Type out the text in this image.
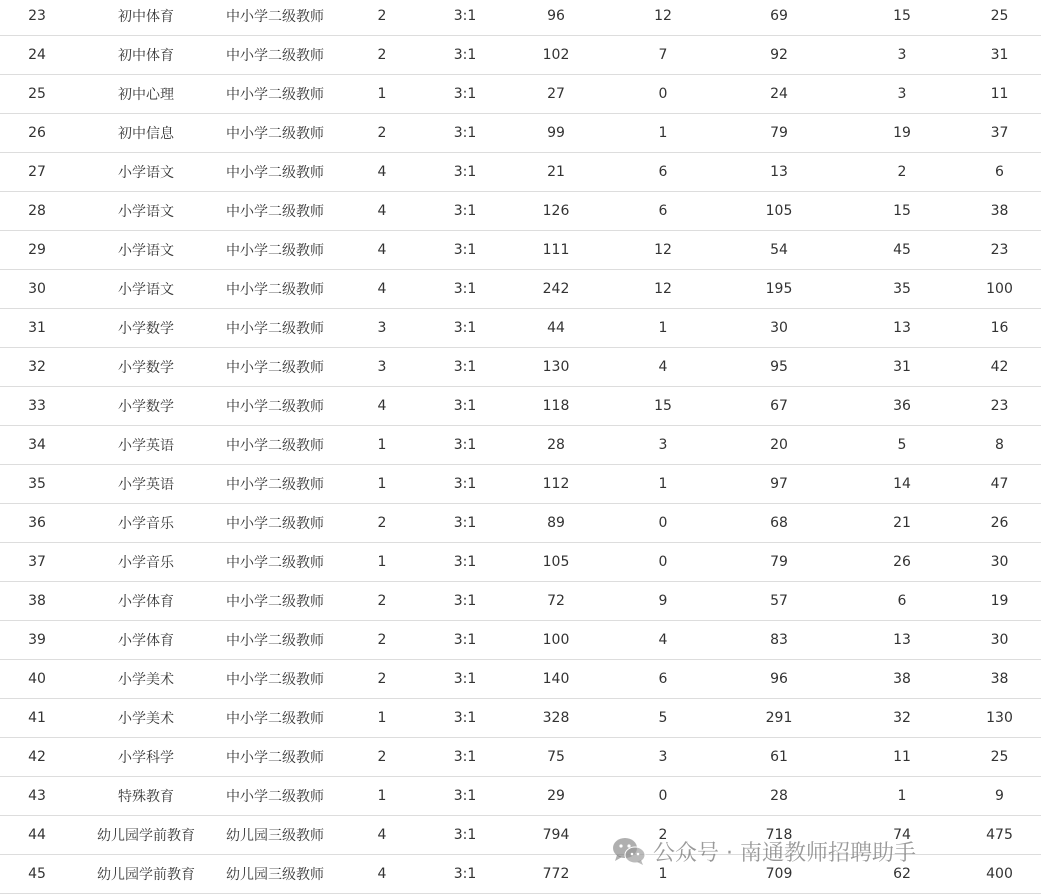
23	初中体育	中小学二级教师	2	3:1	96	12	69	15	25
24	初中体育	中小学二级教师	2	3:1	102	7	92	3	31
25	初中心理	中小学二级教师	1	3:1	27	0	24	3	11
26	初中信息	中小学二级教师	2	3:1	99	1	79	19	37
27	小学语文	中小学二级教师	4	3:1	21	6	13	2	6
28	小学语文	中小学二级教师	4	3:1	126	6	105	15	38
29	小学语文	中小学二级教师	4	3:1	111	12	54	45	23
30	小学语文	中小学二级教师	4	3:1	242	12	195	35	100
31	小学数学	中小学二级教师	3	3:1	44	1	30	13	16
32	小学数学	中小学二级教师	3	3:1	130	4	95	31	42
33	小学数学	中小学二级教师	4	3:1	118	15	67	36	23
34	小学英语	中小学二级教师	1	3:1	28	3	20	5	8
35	小学英语	中小学二级教师	1	3:1	112	1	97	14	47
36	小学音乐	中小学二级教师	2	3:1	89	0	68	21	26
37	小学音乐	中小学二级教师	1	3:1	105	0	79	26	30
38	小学体育	中小学二级教师	2	3:1	72	9	57	6	19
39	小学体育	中小学二级教师	2	3:1	100	4	83	13	30
40	小学美术	中小学二级教师	2	3:1	140	6	96	38	38
41	小学美术	中小学二级教师	1	3:1	328	5	291	32	130
42	小学科学	中小学二级教师	2	3:1	75	3	61	11	25
43	特殊教育	中小学二级教师	1	3:1	29	0	28	1	9
44	幼儿园学前教育	幼儿园三级教师	4	3:1	794	2	718	74	475
45	幼儿园学前教育	幼儿园三级教师	4	3:1	772	1	709	62	400
公众号 · 南通教师招聘助手
